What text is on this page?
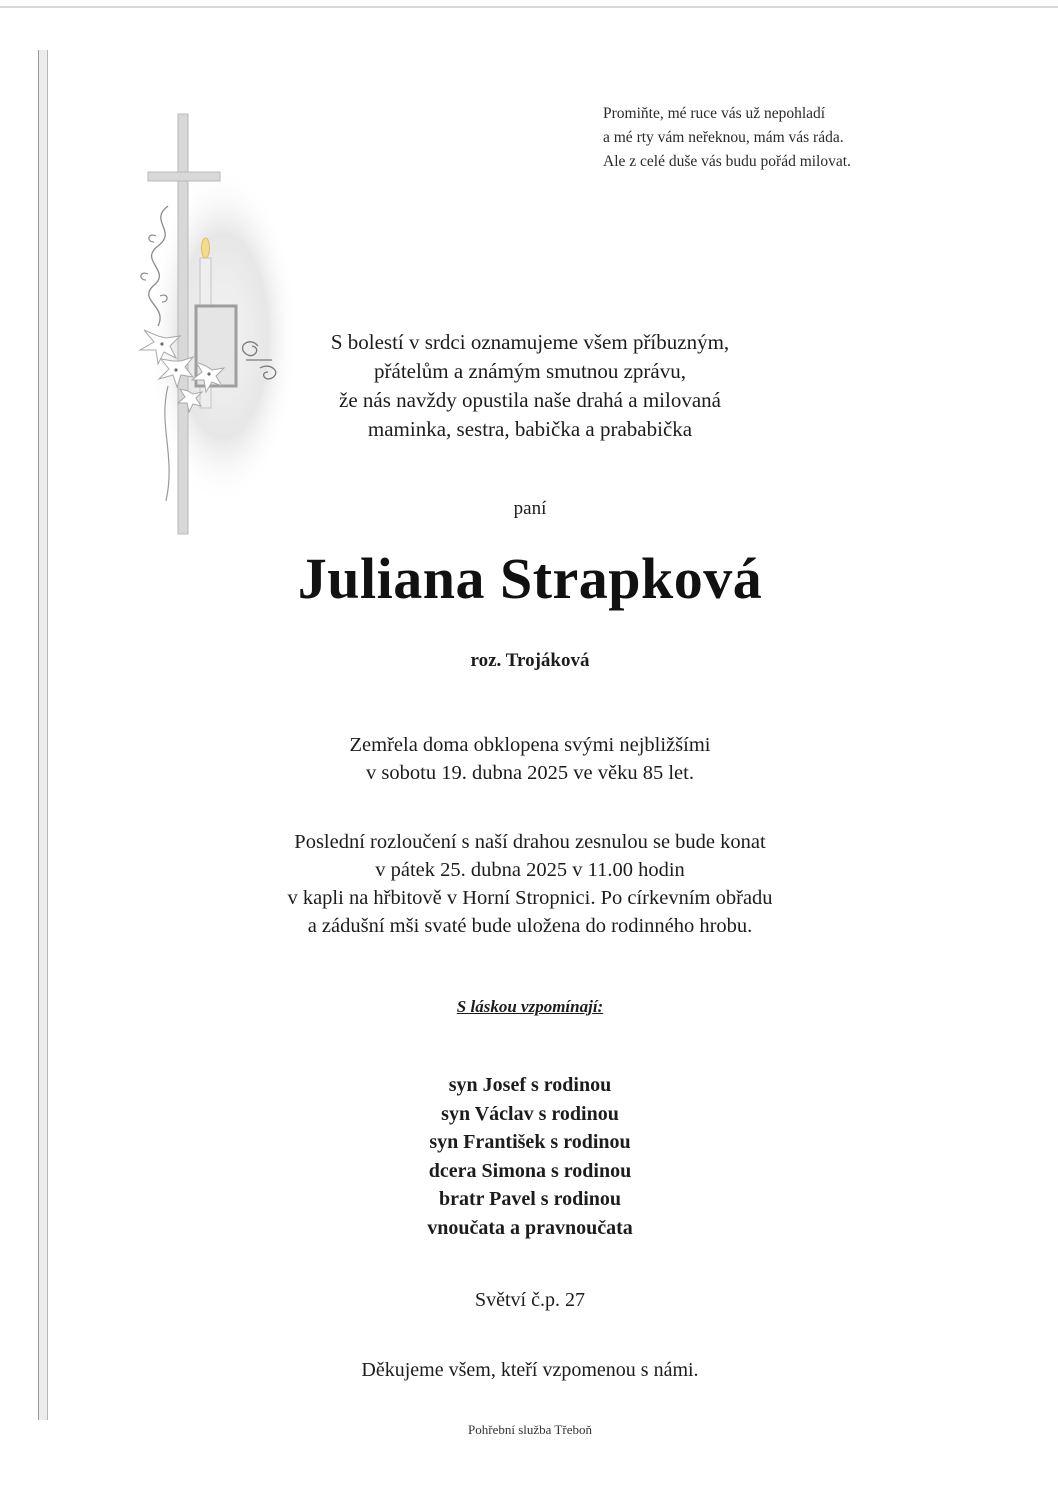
Promiňte, mé ruce vás už nepohladí
a mé rty vám neřeknou, mám vás ráda.
Ale z celé duše vás budu pořád milovat.
S bolestí v srdci oznamujeme všem příbuzným,
přátelům a známým smutnou zprávu,
že nás navždy opustila naše drahá a milovaná
maminka, sestra, babička a prababička
paní
Juliana Strapková
roz. Trojáková
Zemřela doma obklopena svými nejbližšími
v sobotu 19. dubna 2025 ve věku 85 let.
Poslední rozloučení s naší drahou zesnulou se bude konat
v pátek 25. dubna 2025 v 11.00 hodin
v kapli na hřbitově v Horní Stropnici. Po církevním obřadu
a zádušní mši svaté bude uložena do rodinného hrobu.
S láskou vzpomínají:
syn Josef s rodinou
syn Václav s rodinou
syn František s rodinou
dcera Simona s rodinou
bratr Pavel s rodinou
vnoučata a pravnoučata
Světví č.p. 27
Děkujeme všem, kteří vzpomenou s námi.
Pohřební služba Třeboň
